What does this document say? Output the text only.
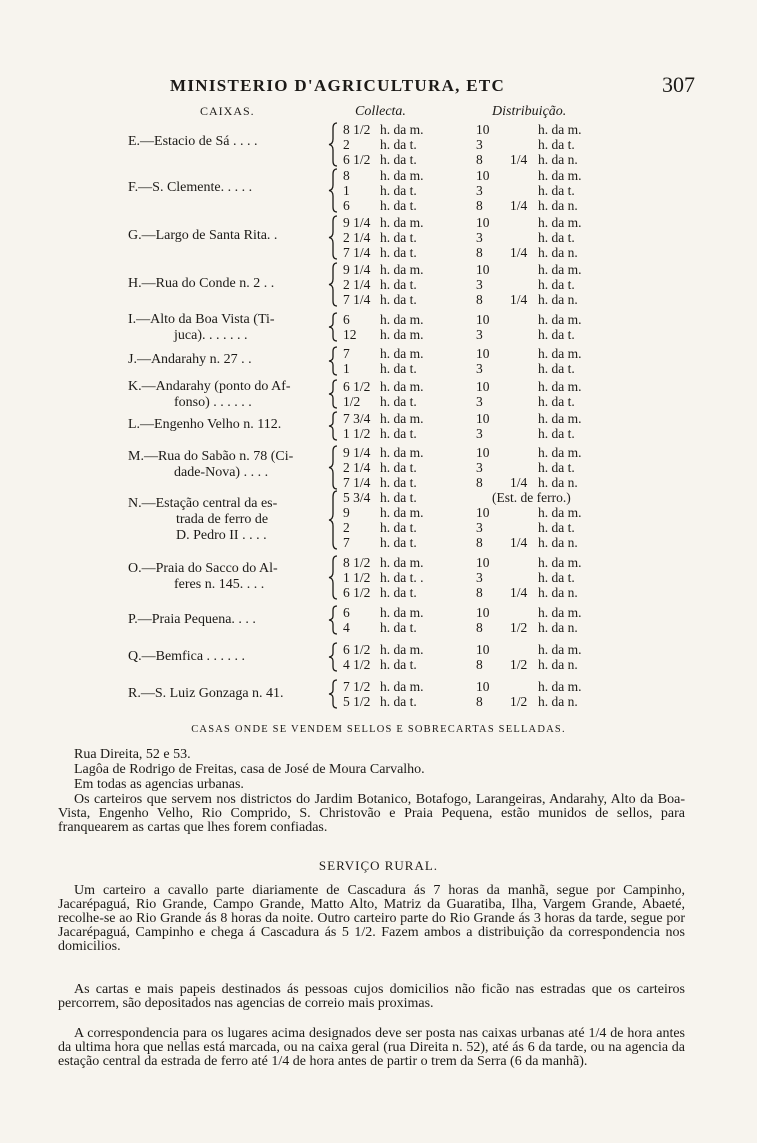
MINISTERIO D'AGRICULTURA, ETC	307
CAIXAS.	Collecta.	Distribuição.
E.—Estacio de Sá . . . .
8 1/2 h. da m.	10	h. da m.
2	h. da t.	3	h. da t.
6 1/2 h. da t.	8	1/4 h. da n.
F.—S. Clemente. . . . .
8	h. da m.	10	h. da m.
1	h. da t.	3	h. da t.
6	h. da t.	8	1/4 h. da n.
G.—Largo de Santa Rita. .
9 1/4 h. da m.	10	h. da m.
2 1/4 h. da t.	3	h. da t.
7 1/4 h. da t.	8	1/4 h. da n.
H.—Rua do Conde n. 2 . .
9 1/4 h. da m.	10	h. da m.
2 1/4 h. da t.	3	h. da t.
7 1/4 h. da t.	8	1/4 h. da n.
I.—Alto da Boa Vista (Ti-
juca). . . . . . .
6	h. da m.	10	h. da m.
12	h. da m.	3	h. da t.
J.—Andarahy n. 27 . .	7	h. da m.	10	h. da m.
1	h. da t.	3	h. da t.
K.—Andarahy (ponto do Af-
fonso) . . . . . .
6 1/2 h. da m.	10	h. da m.
1/2	h. da t.	3	h. da t.
L.—Engenho Velho n. 112.	7 3/4 h. da m.	10	h. da m.
1 1/2 h. da t.	3	h. da t.
M.—Rua do Sabão n. 78 (Ci-
dade-Nova) . . . .
9 1/4 h. da m.	10	h. da m.
2 1/4 h. da t.	3	h. da t.
7 1/4 h. da t.	8	1/4 h. da n.
N.—Estação central da es-
trada de ferro de
D. Pedro II . . . .
5 3/4 h. da t.	(Est. de ferro.)
9	h. da m.	10	h. da m.
2	h. da t.	3	h. da t.
7	h. da t.	8	1/4 h. da n.
O.—Praia do Sacco do Al-
feres n. 145. . . .
8 1/2 h. da m.	10	h. da m.
1 1/2 h. da t. .	3	h. da t.
6 1/2 h. da t.	8	1/4 h. da n.
P.—Praia Pequena. . . .	6	h. da m.	10	h. da m.
4	h. da t.	8	1/2 h. da n.
Q.—Bemfica . . . . . .	6 1/2 h. da m.	10	h. da m.
4 1/2 h. da t.	8	1/2 h. da n.
R.—S. Luiz Gonzaga n. 41.	7 1/2 h. da m.	10	h. da m.
5 1/2 h. da t.	8	1/2 h. da n.
CASAS ONDE SE VENDEM SELLOS E SOBRECARTAS SELLADAS.
Rua Direita, 52 e 53.
Lagôa de Rodrigo de Freitas, casa de José de Moura Carvalho.
Em todas as agencias urbanas.
Os carteiros que servem nos districtos do Jardim Botanico, Botafogo, Larangeiras, Andarahy, Alto da Boa-Vista, Engenho Velho, Rio Comprido, S. Christovão e Praia Pequena, estão munidos de sellos, para franquearem as cartas que lhes forem confiadas.
SERVIÇO RURAL.
Um carteiro a cavallo parte diariamente de Cascadura ás 7 horas da manhã, segue por Campinho, Jacarépaguá, Rio Grande, Campo Grande, Matto Alto, Matriz da Guaratiba, Ilha, Vargem Grande, Abaeté, recolhe-se ao Rio Grande ás 8 horas da noite. Outro carteiro parte do Rio Grande ás 3 horas da tarde, segue por Jacarépaguá, Campinho e chega á Cascadura ás 5 1/2. Fazem ambos a distribuição da correspondencia nos domicilios.
As cartas e mais papeis destinados ás pessoas cujos domicilios não ficão nas estradas que os carteiros percorrem, são depositados nas agencias de correio mais proximas.
A correspondencia para os lugares acima designados deve ser posta nas caixas urbanas até 1/4 de hora antes da ultima hora que nellas está marcada, ou na caixa geral (rua Direita n. 52), até ás 6 da tarde, ou na agencia da estação central da estrada de ferro até 1/4 de hora antes de partir o trem da Serra (6 da manhã).
